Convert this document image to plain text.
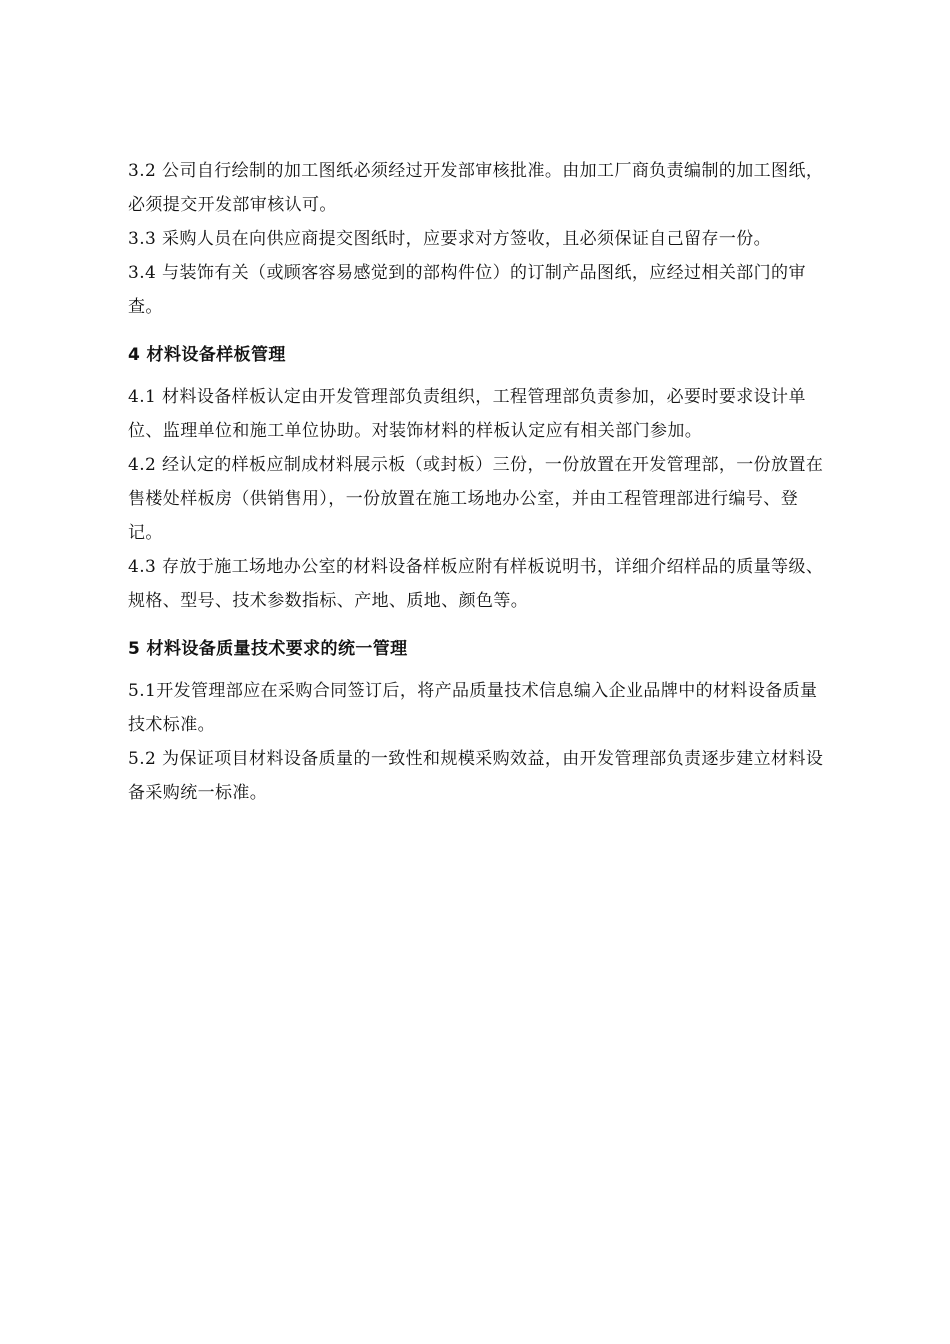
3.2 公司自行绘制的加工图纸必须经过开发部审核批准。由加工厂商负责编制的加工图纸，必须提交开发部审核认可。

3.3 采购人员在向供应商提交图纸时，应要求对方签收，且必须保证自己留存一份。

3.4 与装饰有关（或顾客容易感觉到的部构件位）的订制产品图纸，应经过相关部门的审查。

4 材料设备样板管理

4.1 材料设备样板认定由开发管理部负责组织，工程管理部负责参加，必要时要求设计单位、监理单位和施工单位协助。对装饰材料的样板认定应有相关部门参加。

4.2 经认定的样板应制成材料展示板（或封板）三份，一份放置在开发管理部，一份放置在售楼处样板房（供销售用），一份放置在施工场地办公室，并由工程管理部进行编号、登记。

4.3 存放于施工场地办公室的材料设备样板应附有样板说明书，详细介绍样品的质量等级、规格、型号、技术参数指标、产地、质地、颜色等。

5 材料设备质量技术要求的统一管理

5.1开发管理部应在采购合同签订后，将产品质量技术信息编入企业品牌中的材料设备质量技术标准。

5.2 为保证项目材料设备质量的一致性和规模采购效益，由开发管理部负责逐步建立材料设备采购统一标准。
